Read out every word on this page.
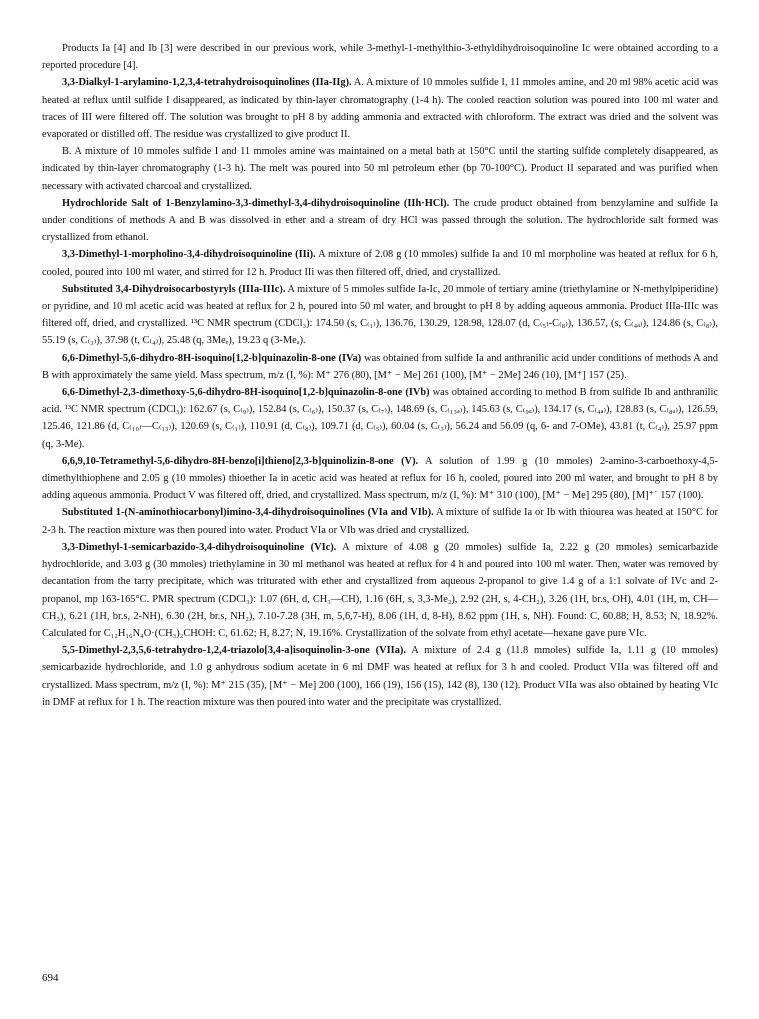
Products Ia [4] and Ib [3] were described in our previous work, while 3-methyl-1-methylthio-3-ethyldihydroisoquinoline Ic were obtained according to a reported procedure [4].

3,3-Dialkyl-1-arylamino-1,2,3,4-tetrahydroisoquinolines (IIa-IIg). A. A mixture of 10 mmoles sulfide I, 11 mmoles amine, and 20 ml 98% acetic acid was heated at reflux until sulfide I disappeared, as indicated by thin-layer chromatography (1-4 h). The cooled reaction solution was poured into 100 ml water and traces of III were filtered off. The solution was brought to pH 8 by adding ammonia and extracted with chloroform. The extract was dried and the solvent was evaporated or distilled off. The residue was crystallized to give product II.

B. A mixture of 10 mmoles sulfide I and 11 mmoles amine was maintained on a metal bath at 150°C until the starting sulfide completely disappeared, as indicated by thin-layer chromatography (1-3 h). The melt was poured into 50 ml petroleum ether (bp 70-100°C). Product II separated and was purified when necessary with activated charcoal and crystallized.

Hydrochloride Salt of 1-Benzylamino-3,3-dimethyl-3,4-dihydroisoquinoline (IIh·HCl). The crude product obtained from benzylamine and sulfide Ia under conditions of methods A and B was dissolved in ether and a stream of dry HCl was passed through the solution. The hydrochloride salt formed was crystallized from ethanol.

3,3-Dimethyl-1-morpholino-3,4-dihydroisoquinoline (IIi). A mixture of 2.08 g (10 mmoles) sulfide Ia and 10 ml morpholine was heated at reflux for 6 h, cooled, poured into 100 ml water, and stirred for 12 h. Product IIi was then filtered off, dried, and crystallized.

Substituted 3,4-Dihydroisocarbostyryls (IIIa-IIIc). A mixture of 5 mmoles sulfide Ia-Ic, 20 mmole of tertiary amine (triethylamine or N-methylpiperidine) or pyridine, and 10 ml acetic acid was heated at reflux for 2 h, poured into 50 ml water, and brought to pH 8 by adding aqueous ammonia. Product IIIa-IIIc was filtered off, dried, and crystallized. ¹³C NMR spectrum (CDCl₃): 174.50 (s, C₍₁₎), 136.76, 130.29, 128.98, 128.07 (d, C₍₅₎-C₍₈₎), 136.57, (s, C₍₄ₐ₎), 124.86 (s, C₍₈₎), 55.19 (s, C₍₃₎), 37.98 (t, C₍₄₎), 25.48 (q, 3Meₑ), 19.23 q (3-Meₐ).

6,6-Dimethyl-5,6-dihydro-8H-isoquino[1,2-b]quinazolin-8-one (IVa) was obtained from sulfide Ia and anthranilic acid under conditions of methods A and B with approximately the same yield. Mass spectrum, m/z (I, %): M⁺ 276 (80), [M⁺ − Me] 261 (100), [M⁺ − 2Me] 246 (10), [M⁺] 157 (25).

6,6-Dimethyl-2,3-dimethoxy-5,6-dihydro-8H-isoquino[1,2-b]quinazolin-8-one (IVb) was obtained according to method B from sulfide Ib and anthranilic acid. ¹³C NMR spectrum (CDCl₃): 162.67 (s, C₍₉₎), 152.84 (s, C₍₆₎), 150.37 (s, C₍₇₎), 148.69 (s, C₍₁₃ₐ₎), 145.63 (s, C₍₉ₐ₎), 134.17 (s, C₍₄ₐ₎), 128.83 (s, C₍₈ₐ₎), 126.59, 125.46, 121.86 (d, C₍₁₀₎—C₍₁₃₎), 120.69 (s, C₍₁₎), 110.91 (d, C₍₈₎), 109.71 (d, C₍₅₎), 60.04 (s, C₍₃₎), 56.24 and 56.09 (q, 6- and 7-OMe), 43.81 (t, C₍₄₎), 25.97 ppm (q, 3-Me).

6,6,9,10-Tetramethyl-5,6-dihydro-8H-benzo[i]thieno[2,3-b]quinolizin-8-one (V). A solution of 1.99 g (10 mmoles) 2-amino-3-carboethoxy-4,5-dimethylthiophene and 2.05 g (10 mmoles) thioether Ia in acetic acid was heated at reflux for 16 h, cooled, poured into 200 ml water, and brought to pH 8 by adding aqueous ammonia. Product V was filtered off, dried, and crystallized. Mass spectrum, m/z (I, %): M⁺ 310 (100), [M⁺ − Me] 295 (80), [M]⁺˙ 157 (100).

Substituted 1-(N-aminothiocarbonyl)imino-3,4-dihydroisoquinolines (VIa and VIb). A mixture of sulfide Ia or Ib with thiourea was heated at 150°C for 2-3 h. The reaction mixture was then poured into water. Product VIa or VIb was dried and crystallized.

3,3-Dimethyl-1-semicarbazido-3,4-dihydroisoquinoline (VIc). A mixture of 4.08 g (20 mmoles) sulfide Ia, 2.22 g (20 mmoles) semicarbazide hydrochloride, and 3.03 g (30 mmoles) triethylamine in 30 ml methanol was heated at reflux for 4 h and poured into 100 ml water. Then, water was removed by decantation from the tarry precipitate, which was triturated with ether and crystallized from aqueous 2-propanol to give 1.4 g of a 1:1 solvate of IVc and 2-propanol, mp 163-165°C. PMR spectrum (CDCl₃): 1.07 (6H, d, CH₃—CH), 1.16 (6H, s, 3,3-Me₂), 2.92 (2H, s, 4-CH₂), 3.26 (1H, br.s, OH), 4.01 (1H, m, CH—CH₃), 6.21 (1H, br.s, 2-NH), 6.30 (2H, br.s, NH₂), 7.10-7.28 (3H, m, 5,6,7-H), 8.06 (1H, d, 8-H), 8.62 ppm (1H, s, NH). Found: C, 60.88; H, 8.53; N, 18.92%. Calculated for C₁₂H₁₆N₄O·(CH₃)₂CHOH: C, 61.62; H, 8.27; N, 19.16%. Crystallization of the solvate from ethyl acetate—hexane gave pure VIc.

5,5-Dimethyl-2,3,5,6-tetrahydro-1,2,4-triazolo[3,4-a]isoquinolin-3-one (VIIa). A mixture of 2.4 g (11.8 mmoles) sulfide Ia, 1.11 g (10 mmoles) semicarbazide hydrochloride, and 1.0 g anhydrous sodium acetate in 6 ml DMF was heated at reflux for 3 h and cooled. Product VIIa was filtered off and crystallized. Mass spectrum, m/z (I, %): M⁺ 215 (35), [M⁺ − Me] 200 (100), 166 (19), 156 (15), 142 (8), 130 (12). Product VIIa was also obtained by heating VIc in DMF at reflux for 1 h. The reaction mixture was then poured into water and the precipitate was crystallized.

694
